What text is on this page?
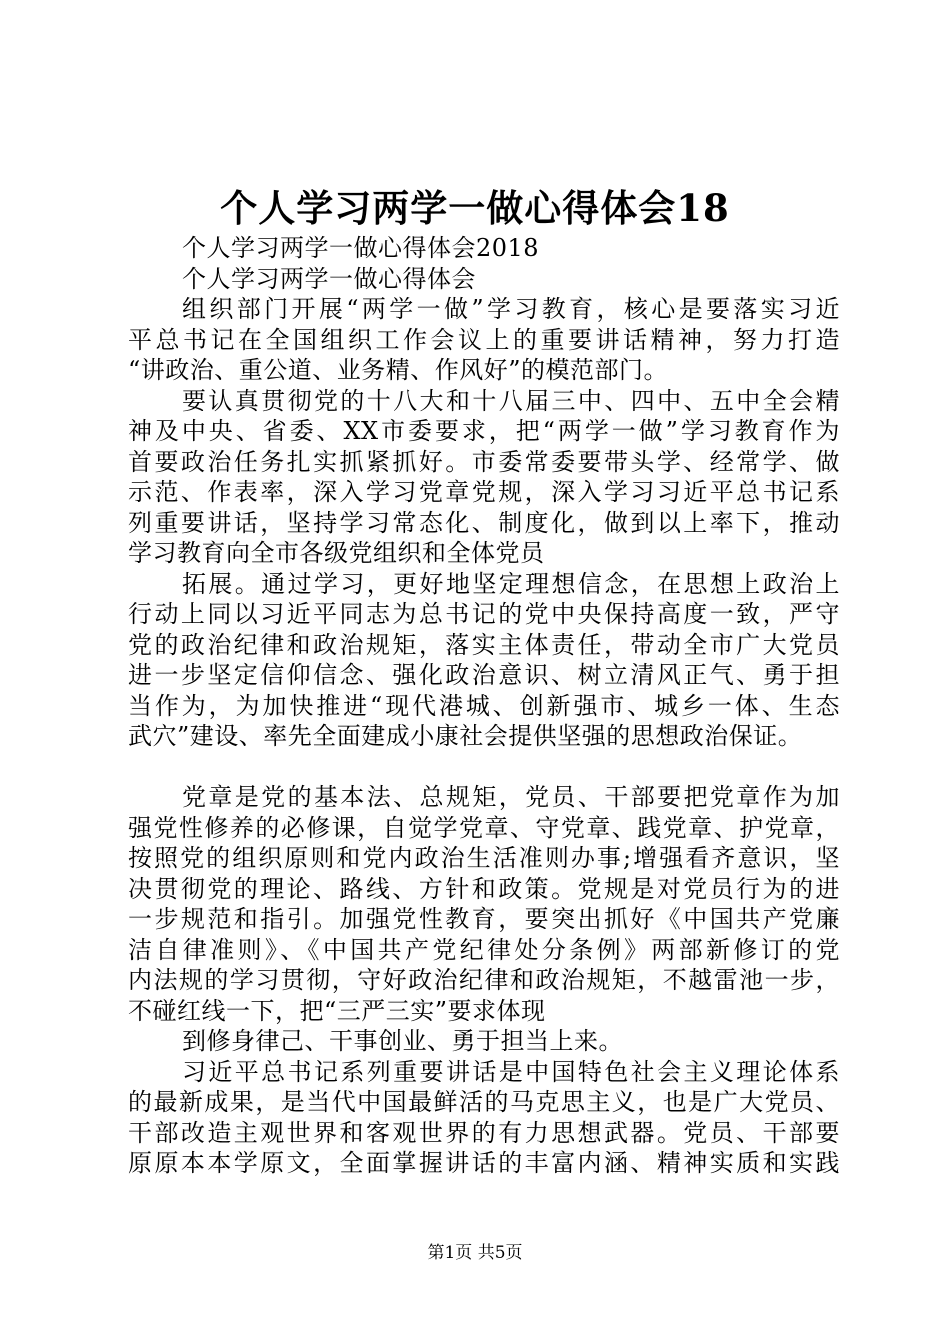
个人学习两学一做心得体会18
个人学习两学一做心得体会2018
个人学习两学一做心得体会
组织部门开展“两学一做”学习教育，核心是要落实习近
平总书记在全国组织工作会议上的重要讲话精神，努力打造
“讲政治、重公道、业务精、作风好”的模范部门。
要认真贯彻党的十八大和十八届三中、四中、五中全会精
神及中央、省委、XX市委要求，把“两学一做”学习教育作为
首要政治任务扎实抓紧抓好。市委常委要带头学、经常学、做
示范、作表率，深入学习党章党规，深入学习习近平总书记系
列重要讲话，坚持学习常态化、制度化，做到以上率下，推动
学习教育向全市各级党组织和全体党员
拓展。通过学习，更好地坚定理想信念，在思想上政治上
行动上同以习近平同志为总书记的党中央保持高度一致，严守
党的政治纪律和政治规矩，落实主体责任，带动全市广大党员
进一步坚定信仰信念、强化政治意识、树立清风正气、勇于担
当作为，为加快推进“现代港城、创新强市、城乡一体、生态
武穴”建设、率先全面建成小康社会提供坚强的思想政治保证。
党章是党的基本法、总规矩，党员、干部要把党章作为加
强党性修养的必修课，自觉学党章、守党章、践党章、护党章，
按照党的组织原则和党内政治生活准则办事;增强看齐意识，坚
决贯彻党的理论、路线、方针和政策。党规是对党员行为的进
一步规范和指引。加强党性教育，要突出抓好《中国共产党廉
洁自律准则》、《中国共产党纪律处分条例》两部新修订的党
内法规的学习贯彻，守好政治纪律和政治规矩，不越雷池一步，
不碰红线一下，把“三严三实”要求体现
到修身律己、干事创业、勇于担当上来。
习近平总书记系列重要讲话是中国特色社会主义理论体系
的最新成果，是当代中国最鲜活的马克思主义，也是广大党员、
干部改造主观世界和客观世界的有力思想武器。党员、干部要
原原本本学原文，全面掌握讲话的丰富内涵、精神实质和实践
第1页 共5页
